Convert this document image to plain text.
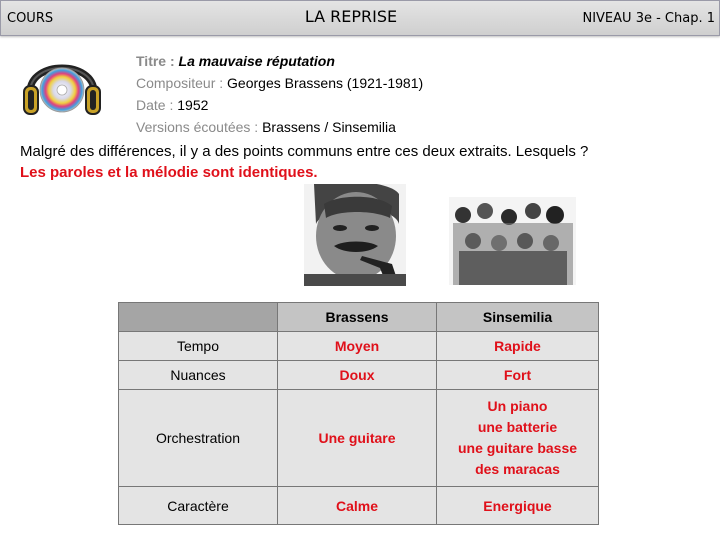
COURS	LA REPRISE	NIVEAU 3e - Chap. 1
Titre : La mauvaise réputation
Compositeur : Georges Brassens (1921-1981)
Date : 1952
Versions écoutées : Brassens / Sinsemilia
Malgré des différences, il y a des points communs entre ces deux extraits. Lesquels ?
Les paroles et la mélodie sont identiques.
	Brassens	Sinsemilia
Tempo	Moyen	Rapide
Nuances	Doux	Fort
Orchestration	Une guitare	Un piano
une batterie
une guitare basse
des maracas

Caractère	Calme	Energique
